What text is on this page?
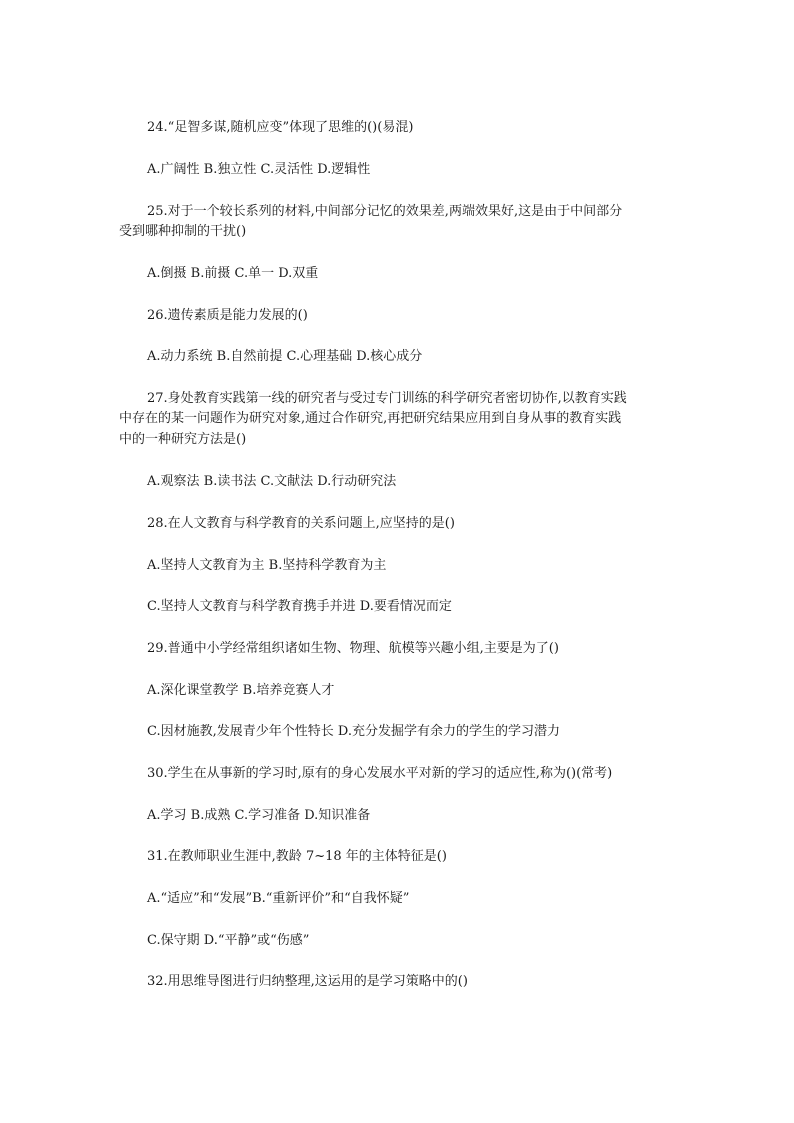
24.“足智多谋,随机应变”体现了思维的()(易混)
A.广阔性 B.独立性 C.灵活性 D.逻辑性
25.对于一个较长系列的材料,中间部分记忆的效果差,两端效果好,这是由于中间部分
受到哪种抑制的干扰()
A.倒摄 B.前摄 C.单一 D.双重
26.遗传素质是能力发展的()
A.动力系统 B.自然前提 C.心理基础 D.核心成分
27.身处教育实践第一线的研究者与受过专门训练的科学研究者密切协作,以教育实践
中存在的某一问题作为研究对象,通过合作研究,再把研究结果应用到自身从事的教育实践
中的一种研究方法是()
A.观察法 B.读书法 C.文献法 D.行动研究法
28.在人文教育与科学教育的关系问题上,应坚持的是()
A.坚持人文教育为主 B.坚持科学教育为主
C.坚持人文教育与科学教育携手并进 D.要看情况而定
29.普通中小学经常组织诸如生物、物理、航模等兴趣小组,主要是为了()
A.深化课堂教学 B.培养竞赛人才
C.因材施教,发展青少年个性特长 D.充分发掘学有余力的学生的学习潜力
30.学生在从事新的学习时,原有的身心发展水平对新的学习的适应性,称为()(常考)
A.学习 B.成熟 C.学习准备 D.知识准备
31.在教师职业生涯中,教龄 7~18 年的主体特征是()
A.“适应”和“发展”B.“重新评价”和“自我怀疑”
C.保守期 D.“平静”或“伤感”
32.用思维导图进行归纳整理,这运用的是学习策略中的()
